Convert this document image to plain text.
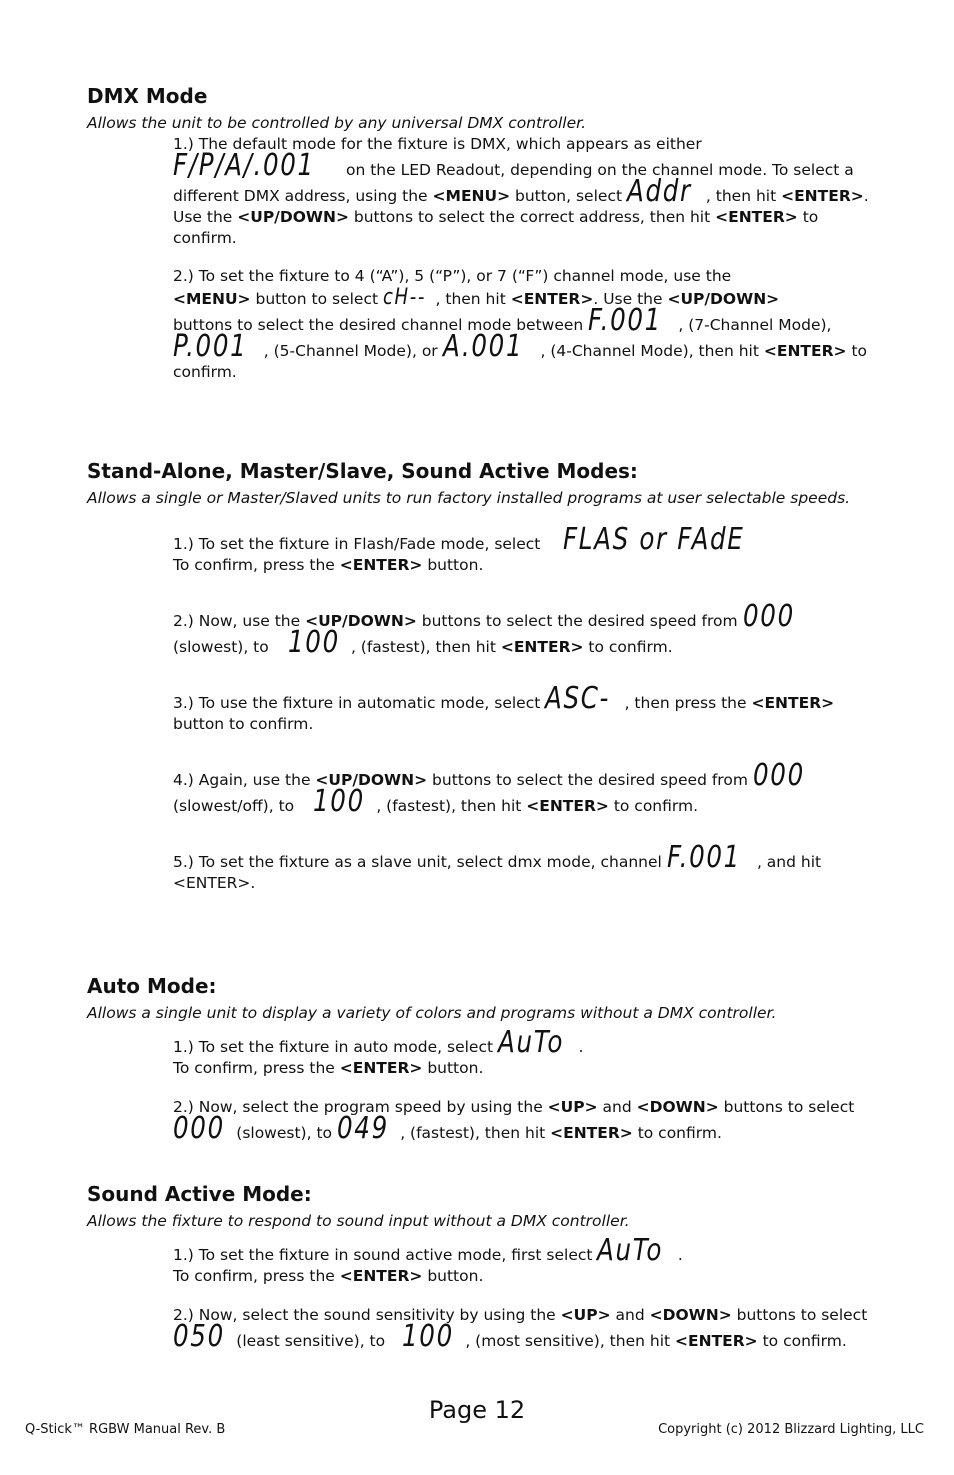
DMX Mode
Allows the unit to be controlled by any universal DMX controller.

1.) The default mode for the fixture is DMX, which appears as either
F/P/A/.001 on the LED Readout, depending on the channel mode. To select a different DMX address, using the <MENU> button, select Addr , then hit <ENTER>. Use the <UP/DOWN> buttons to select the correct address, then hit <ENTER> to confirm.

2.) To set the fixture to 4 (“A”), 5 (“P”), or 7 (“F”) channel mode, use the
<MENU> button to select cH-- , then hit <ENTER>. Use the <UP/DOWN>
buttons to select the desired channel mode between F.001 , (7-Channel Mode), P.001 , (5-Channel Mode), or A.001 , (4-Channel Mode), then hit <ENTER> to confirm.

Stand-Alone, Master/Slave, Sound Active Modes:
Allows a single or Master/Slaved units to run factory installed programs at user selectable speeds.

1.) To set the fixture in Flash/Fade mode, select FLAS or FAdE
To confirm, press the <ENTER> button.

2.) Now, use the <UP/DOWN> buttons to select the desired speed from 000
(slowest), to 100 , (fastest), then hit <ENTER> to confirm.

3.) To use the fixture in automatic mode, select ASC- , then press the <ENTER> button to confirm.

4.) Again, use the <UP/DOWN> buttons to select the desired speed from 000
(slowest/off), to 100 , (fastest), then hit <ENTER> to confirm.

5.) To set the fixture as a slave unit, select dmx mode, channel F.001 , and hit <ENTER>.

Auto Mode:
Allows a single unit to display a variety of colors and programs without a DMX controller.

1.) To set the fixture in auto mode, select AuTo .
To confirm, press the <ENTER> button.

2.) Now, select the program speed by using the <UP> and <DOWN> buttons to select 000 (slowest), to 049 , (fastest), then hit <ENTER> to confirm.

Sound Active Mode:
Allows the fixture to respond to sound input without a DMX controller.

1.) To set the fixture in sound active mode, first select AuTo .
To confirm, press the <ENTER> button.

2.) Now, select the sound sensitivity by using the <UP> and <DOWN> buttons to select 050 (least sensitive), to 100 , (most sensitive), then hit <ENTER> to confirm.

Page 12
Q-Stick™ RGBW Manual Rev. B	Copyright (c) 2012 Blizzard Lighting, LLC
